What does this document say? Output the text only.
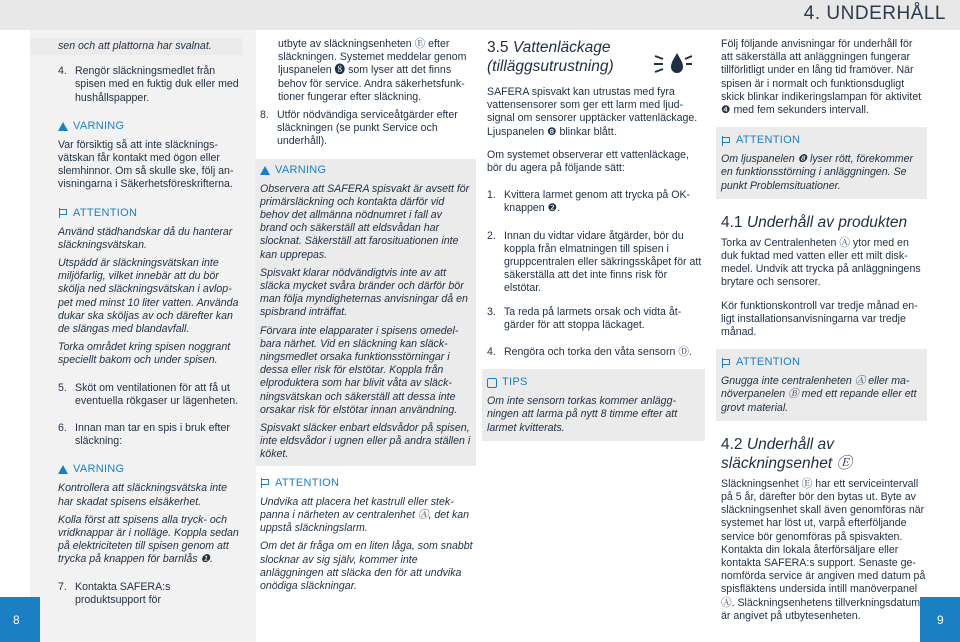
4. UNDERHÅLL

sen och att plattorna har svalnat.

4. Rengör släckningsmedlet från spisen med en fuktig duk eller med hushållspapper.

VARNING

Var försiktig så att inte släckningsvätskan får kontakt med ögon eller slemhinnor. Om så skulle ske, följ anvisningarna i Säkerhetsföreskrifterna.

ATTENTION

Använd städhandskar då du hanterar släckningsvätskan.

Utspädd är släckningsvätskan inte miljöfarlig, vilket innebär att du bör skölja ned släckningsvätskan i avloppet med minst 10 liter vatten. Använda dukar ska sköljas av och därefter kan de slängas med blandavfall.

Torka området kring spisen noggrant speciellt bakom och under spisen.

5. Sköt om ventilationen för att få ut eventuella rökgaser ur lägenheten.

6. Innan man tar en spis i bruk efter släckning:

VARNING

Kontrollera att släckningsvätska inte har skadat spisens elsäkerhet.

Kolla först att spisens alla tryck- och vridknappar är i nolläge. Koppla sedan på elektriciteten till spisen genom att trycka på knappen för barnlås ❶.

7. Kontakta SAFERA:s produktsupport för

utbyte av släckningsenheten Ⓔ efter släckningen. Systemet meddelar genom ljuspanelen ❽ som lyser att det finns behov för service. Andra säkerhetsfunktioner fungerar efter släckning.

8. Utför nödvändiga serviceåtgärder efter släckningen (se punkt Service och underhåll).

VARNING

Observera att SAFERA spisvakt är avsett för primärsläckning och kontakta därför vid behov det allmänna nödnumret i fall av brand och säkerställ att eldsvådan har slocknat. Säkerställ att farosituationen inte kan upprepas.

Spisvakt klarar nödvändigtvis inte av att släcka mycket svåra bränder och därför bör man följa myndigheternas anvisningar då en spisbrand inträffat.

Förvara inte elapparater i spisens omedelbara närhet. Vid en släckning kan släckningsmedlet orsaka funktionsstörningar i dessa eller risk för elstötar. Koppla från elproduktera som har blivit våta av släckningsvätskan och säkerställ att dessa inte orsakar risk för elstötar innan användning.

Spisvakt släcker enbart eldsvådor på spisen, inte eldsvådor i ugnen eller på andra ställen i köket.

ATTENTION

Undvika att placera het kastrull eller stekpanna i närheten av centralenhet Ⓐ, det kan uppstå släckningslarm.

Om det är fråga om en liten låga, som snabbt slocknar av sig själv, kommer inte anläggningen att släcka den för att undvika onödiga släckningar.

3.5 Vattenläckage (tilläggsutrustning)

SAFERA spisvakt kan utrustas med fyra vattensensorer som ger ett larm med ljudsignal om sensorer upptäcker vattenläckage. Ljuspanelen ❽ blinkar blått.

Om systemet observerar ett vattenläckage, bör du agera på följande sätt:

1. Kvittera larmet genom att trycka på OK-knappen ❷.

2. Innan du vidtar vidare åtgärder, bör du koppla från elmatningen till spisen i gruppcentralen eller säkringsskåpet för att säkerställa att det inte finns risk för elstötar.

3. Ta reda på larmets orsak och vidta åtgärder för att stoppa läckaget.

4. Rengöra och torka den våta sensorn Ⓓ.

TIPS

Om inte sensorn torkas kommer anläggningen att larma på nytt 8 timme efter att larmet kvitterats.

Följ följande anvisningar för underhåll för att säkerställa att anläggningen fungerar tillförlitligt under en lång tid framöver. När spisen är i normalt och funktionsdugligt skick blinkar indikeringslampan för aktivitet ❹ med fem sekunders intervall.

ATTENTION

Om ljuspanelen ❽ lyser rött, förekommer en funktionsstörning i anläggningen. Se punkt Problemsituationer.

4.1 Underhåll av produkten

Torka av Centralenheten Ⓐ ytor med en duk fuktad med vatten eller ett milt diskmedel. Undvik att trycka på anläggningens brytare och sensorer.

Kör funktionskontroll var tredje månad enligt installationsanvisningarna var tredje månad.

ATTENTION

Gnugga inte centralenheten Ⓐ eller manöverpanelen Ⓑ med ett repande eller ett grovt material.

4.2 Underhåll av släckningsenhet Ⓔ

Släckningsenhet Ⓔ har ett serviceintervall på 5 år, därefter bör den bytas ut. Byte av släckningsenhet skall även genomföras när systemet har löst ut, varpå efterföljande service bör genomföras på spisvakten. Kontakta din lokala återförsäljare eller kontakta SAFERA:s support. Senaste genomförda service är angiven med datum på spisfläktens undersida intill manöverpanel Ⓐ. Släckningsenhetens tillverkningsdatum är angivet på utbytesenheten.

8	9
